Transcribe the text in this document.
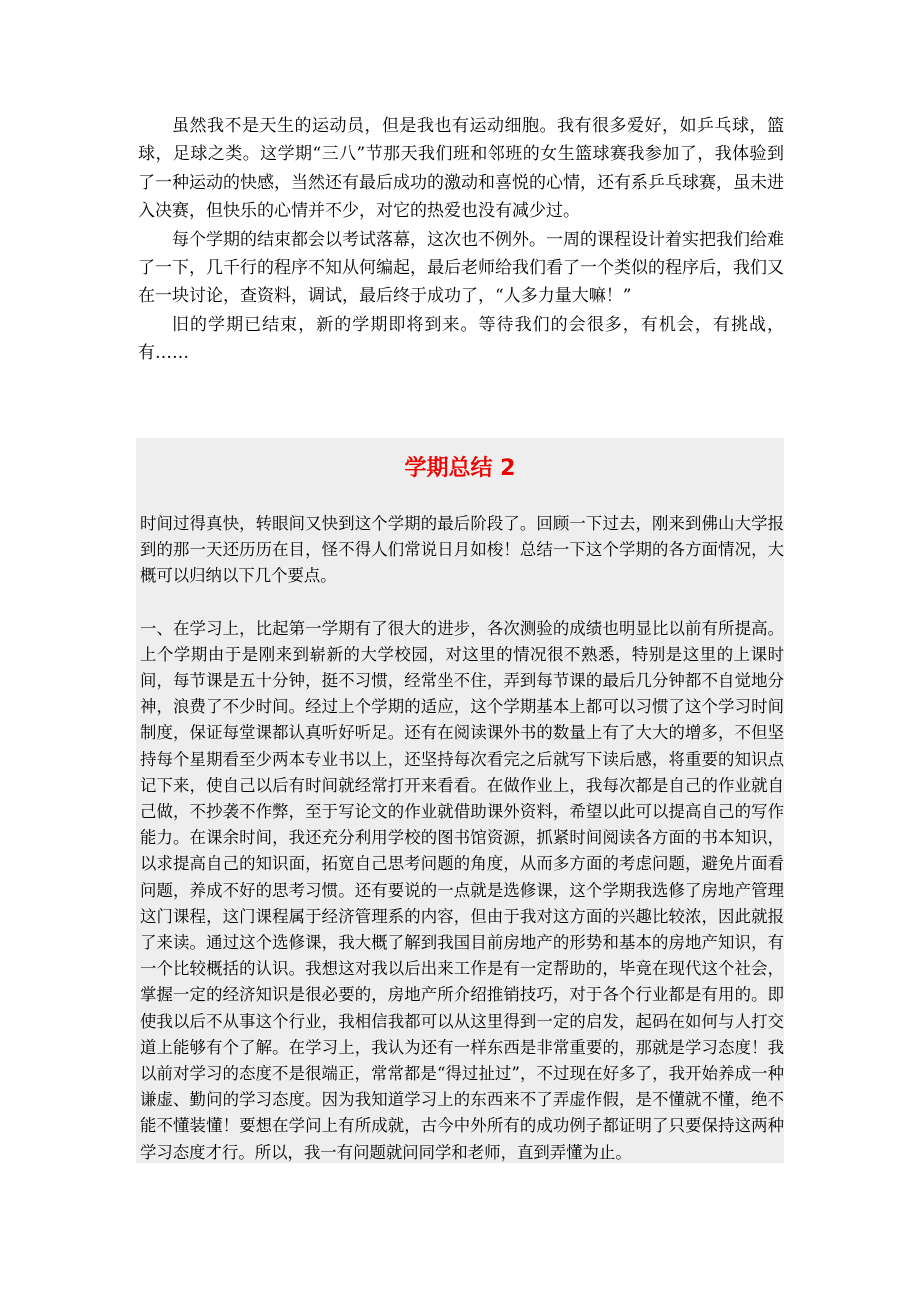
虽然我不是天生的运动员，但是我也有运动细胞。我有很多爱好，如乒乓球，篮球，足球之类。这学期“三八”节那天我们班和邻班的女生篮球赛我参加了，我体验到了一种运动的快感，当然还有最后成功的激动和喜悦的心情，还有系乒乓球赛，虽未进入决赛，但快乐的心情并不少，对它的热爱也没有减少过。

每个学期的结束都会以考试落幕，这次也不例外。一周的课程设计着实把我们给难了一下，几千行的程序不知从何编起，最后老师给我们看了一个类似的程序后，我们又在一块讨论，查资料，调试，最后终于成功了，“人多力量大嘛！”

旧的学期已结束，新的学期即将到来。等待我们的会很多，有机会，有挑战，有……

学期总结 2

时间过得真快，转眼间又快到这个学期的最后阶段了。回顾一下过去，刚来到佛山大学报到的那一天还历历在目，怪不得人们常说日月如梭！总结一下这个学期的各方面情况，大概可以归纳以下几个要点。

一、在学习上，比起第一学期有了很大的进步，各次测验的成绩也明显比以前有所提高。上个学期由于是刚来到崭新的大学校园，对这里的情况很不熟悉，特别是这里的上课时间，每节课是五十分钟，挺不习惯，经常坐不住，弄到每节课的最后几分钟都不自觉地分神，浪费了不少时间。经过上个学期的适应，这个学期基本上都可以习惯了这个学习时间制度，保证每堂课都认真听好听足。还有在阅读课外书的数量上有了大大的增多，不但坚持每个星期看至少两本专业书以上，还坚持每次看完之后就写下读后感，将重要的知识点记下来，使自己以后有时间就经常打开来看看。在做作业上，我每次都是自己的作业就自己做，不抄袭不作弊，至于写论文的作业就借助课外资料，希望以此可以提高自己的写作能力。在课余时间，我还充分利用学校的图书馆资源，抓紧时间阅读各方面的书本知识，以求提高自己的知识面，拓宽自己思考问题的角度，从而多方面的考虑问题，避免片面看问题，养成不好的思考习惯。还有要说的一点就是选修课，这个学期我选修了房地产管理这门课程，这门课程属于经济管理系的内容，但由于我对这方面的兴趣比较浓，因此就报了来读。通过这个选修课，我大概了解到我国目前房地产的形势和基本的房地产知识，有一个比较概括的认识。我想这对我以后出来工作是有一定帮助的，毕竟在现代这个社会，掌握一定的经济知识是很必要的，房地产所介绍推销技巧，对于各个行业都是有用的。即使我以后不从事这个行业，我相信我都可以从这里得到一定的启发，起码在如何与人打交道上能够有个了解。在学习上，我认为还有一样东西是非常重要的，那就是学习态度！我以前对学习的态度不是很端正，常常都是“得过扯过”，不过现在好多了，我开始养成一种谦虚、勤问的学习态度。因为我知道学习上的东西来不了弄虚作假，是不懂就不懂，绝不能不懂装懂！要想在学问上有所成就，古今中外所有的成功例子都证明了只要保持这两种学习态度才行。所以，我一有问题就问同学和老师，直到弄懂为止。
